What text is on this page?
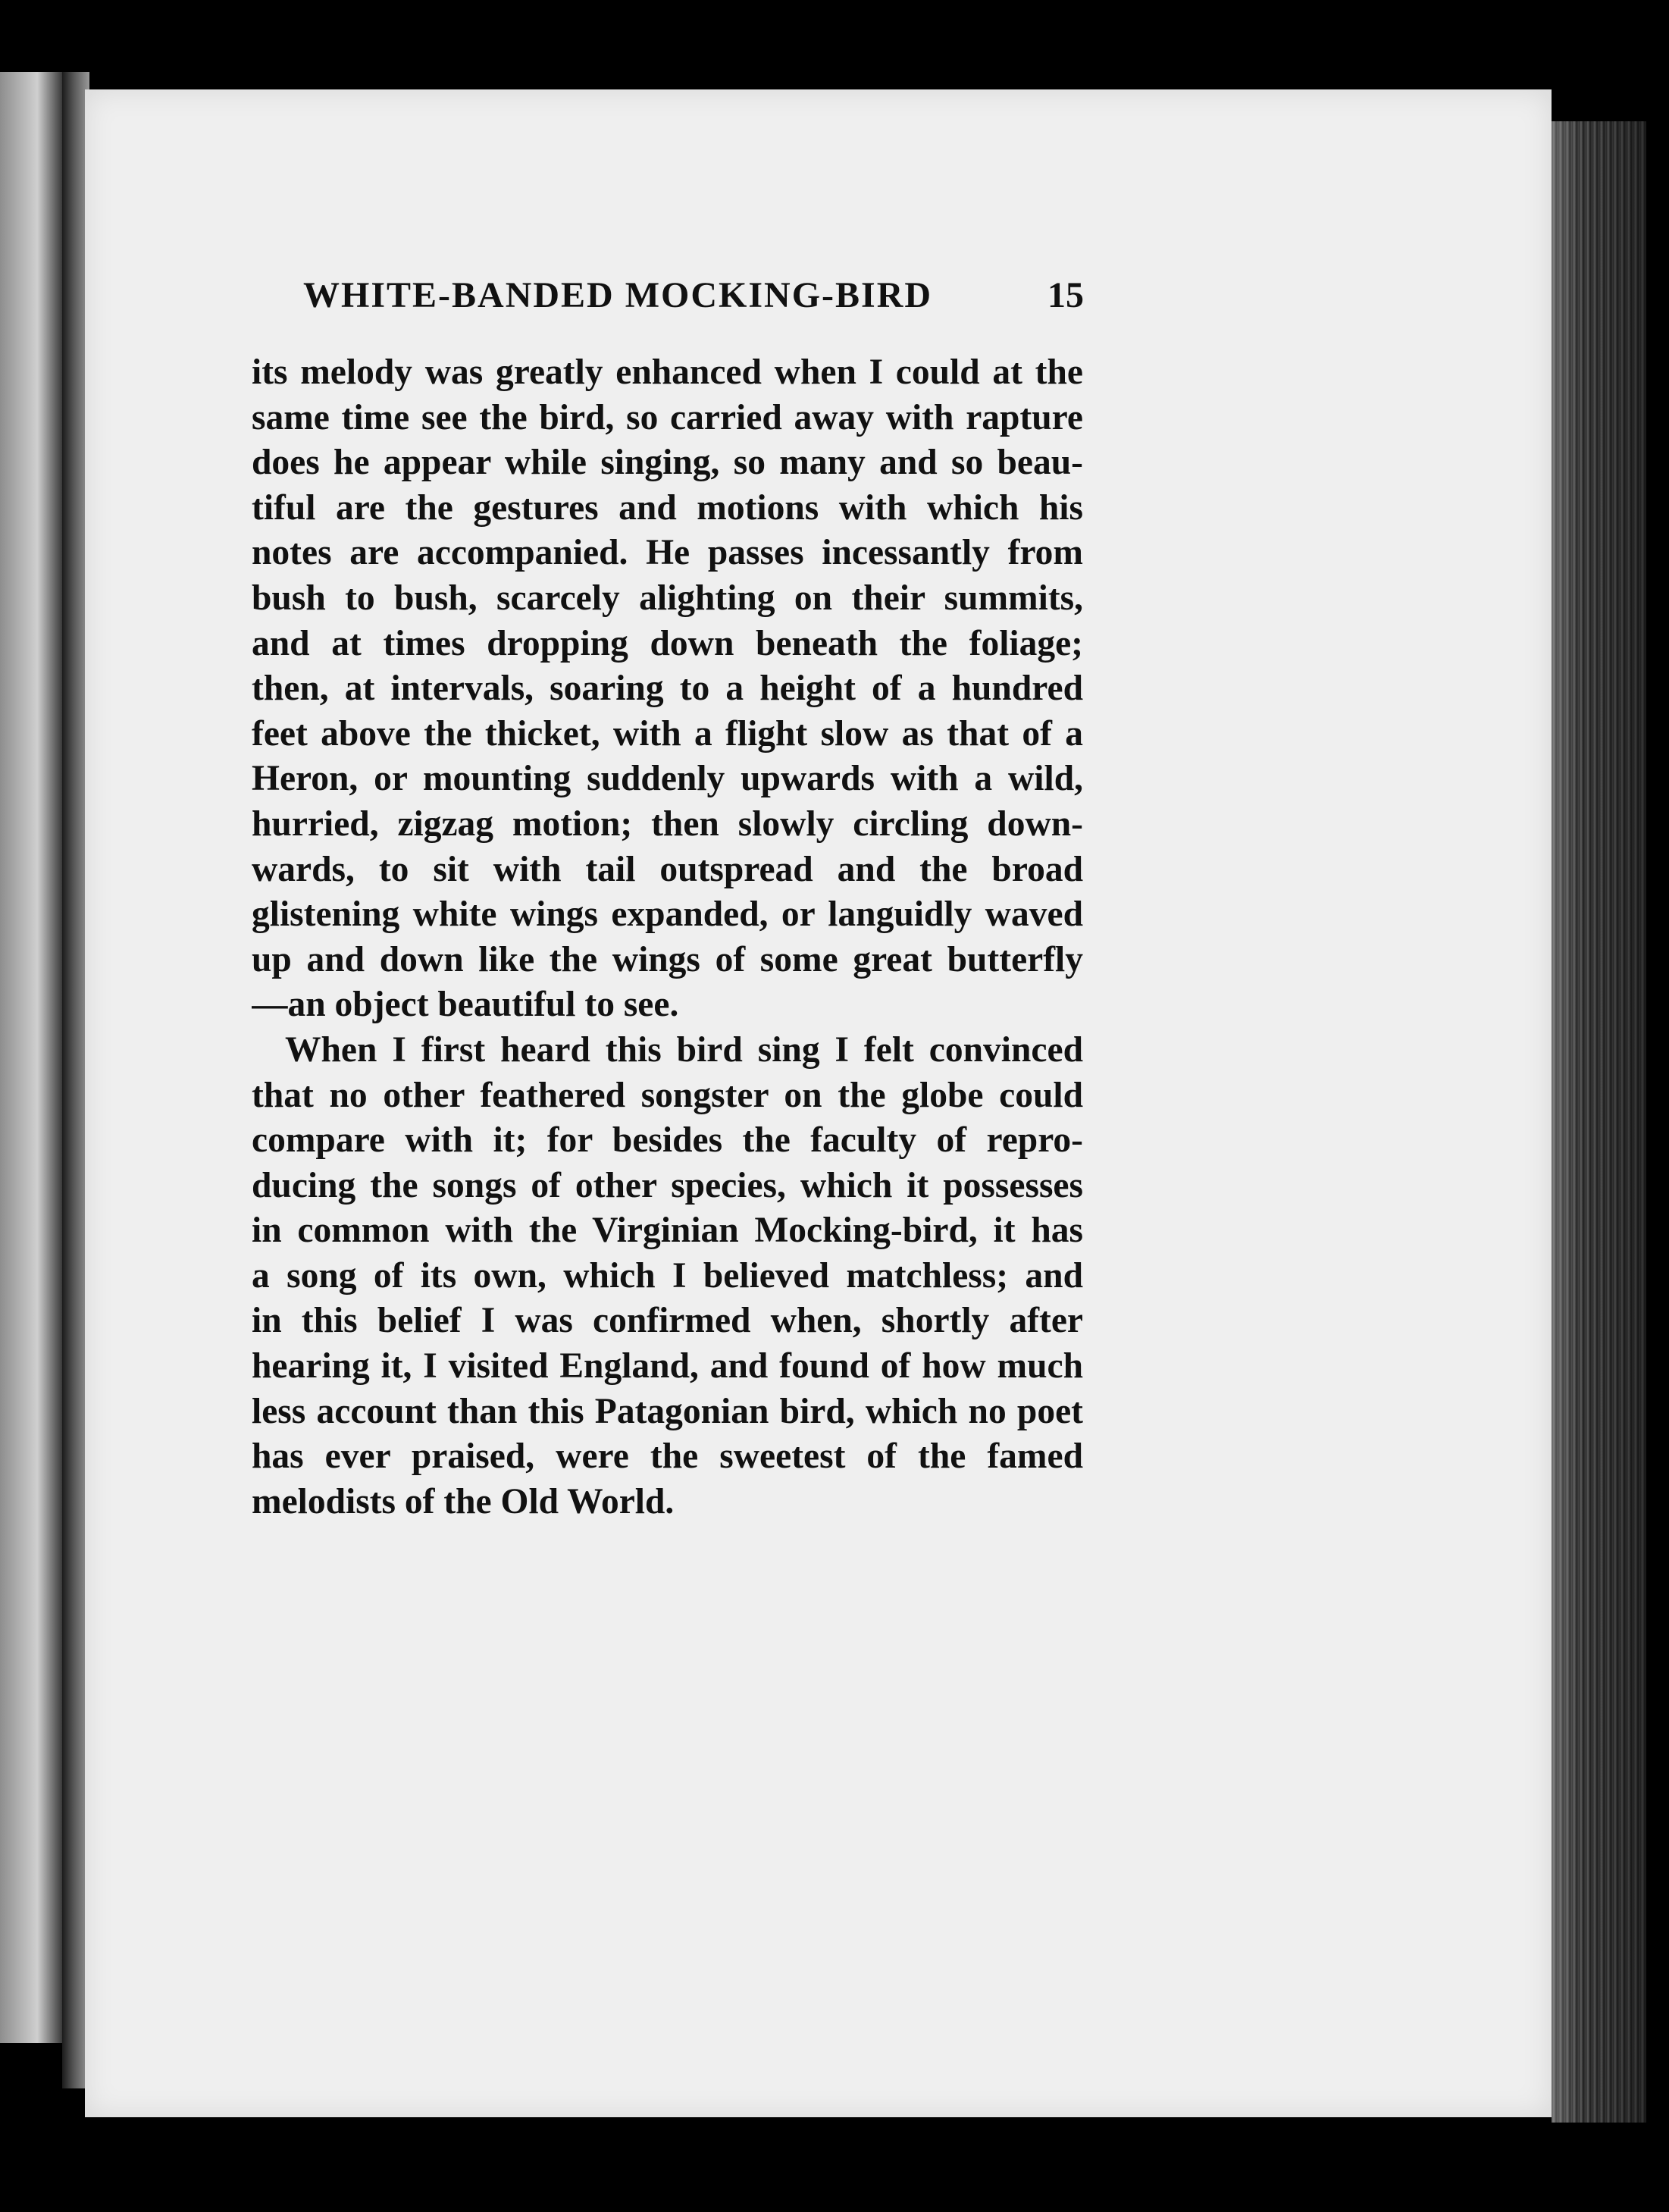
WHITE-BANDED MOCKING-BIRD	15
its melody was greatly enhanced when I could at the
same time see the bird, so carried away with rapture
does he appear while singing, so many and so beau-
tiful are the gestures and motions with which his
notes are accompanied. He passes incessantly from
bush to bush, scarcely alighting on their summits,
and at times dropping down beneath the foliage;
then, at intervals, soaring to a height of a hundred
feet above the thicket, with a flight slow as that of a
Heron, or mounting suddenly upwards with a wild,
hurried, zigzag motion; then slowly circling down-
wards, to sit with tail outspread and the broad
glistening white wings expanded, or languidly waved
up and down like the wings of some great butterfly
—an object beautiful to see.
When I first heard this bird sing I felt convinced
that no other feathered songster on the globe could
compare with it; for besides the faculty of repro-
ducing the songs of other species, which it possesses
in common with the Virginian Mocking-bird, it has
a song of its own, which I believed matchless; and
in this belief I was confirmed when, shortly after
hearing it, I visited England, and found of how much
less account than this Patagonian bird, which no poet
has ever praised, were the sweetest of the famed
melodists of the Old World.
